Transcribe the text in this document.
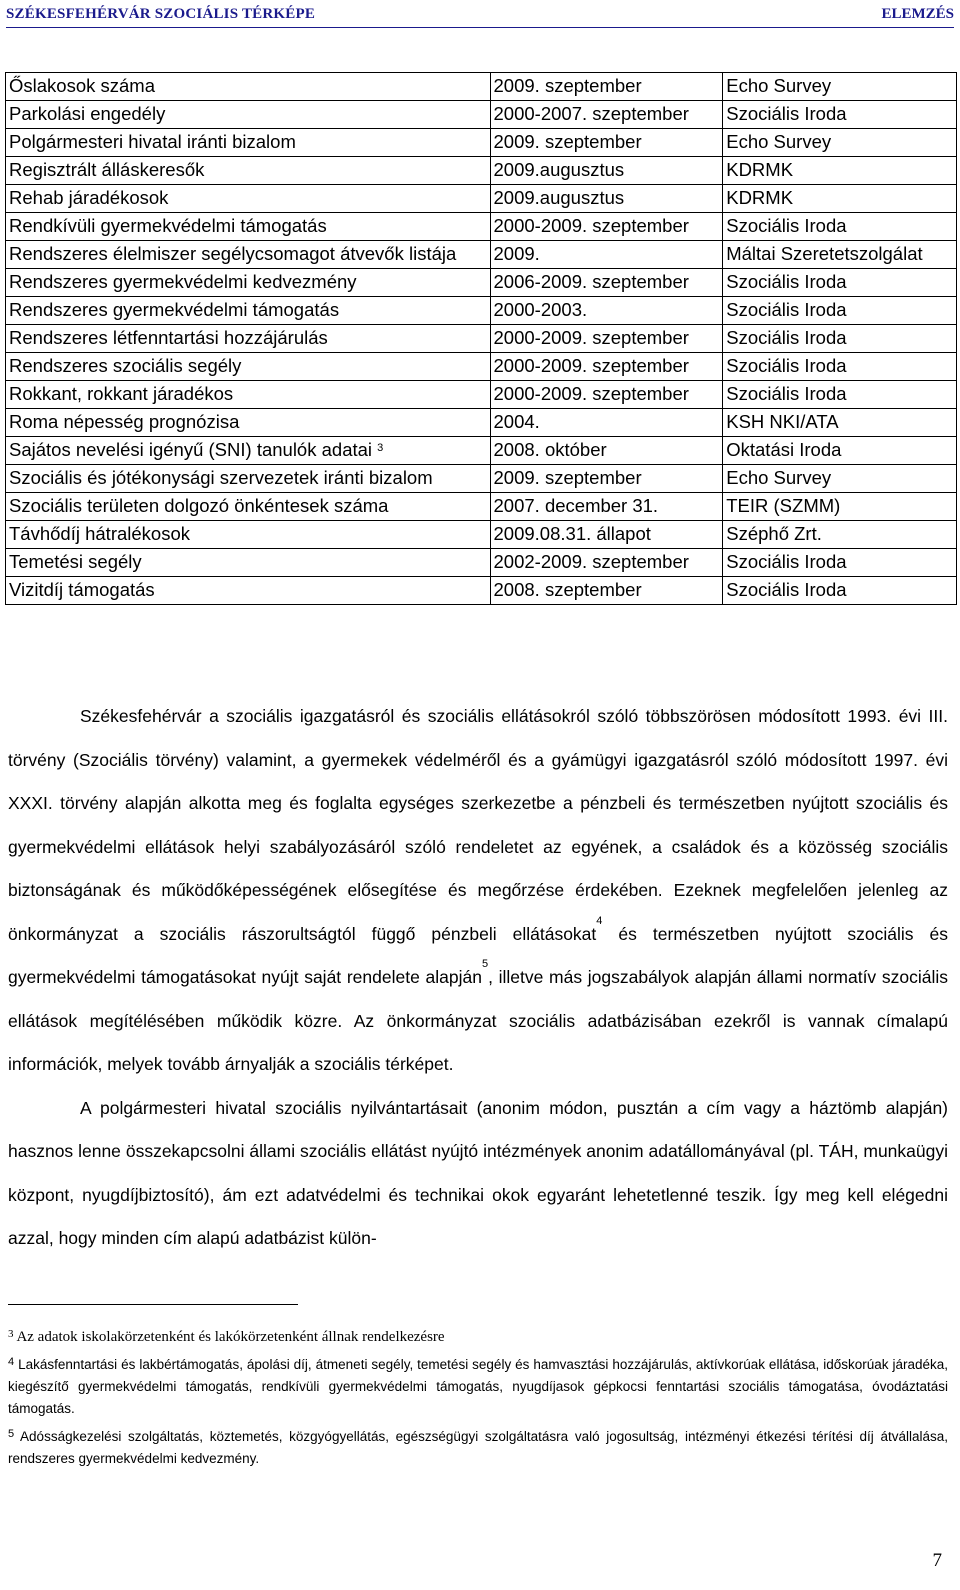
SZÉKESFEHÉRVÁR SZOCIÁLIS TÉRKÉPE	ELEMZÉS
Őslakosok száma	2009. szeptember	Echo Survey
Parkolási engedély	2000-2007. szeptember	Szociális Iroda
Polgármesteri hivatal iránti bizalom	2009. szeptember	Echo Survey
Regisztrált álláskeresők	2009.augusztus	KDRMK
Rehab járadékosok	2009.augusztus	KDRMK
Rendkívüli gyermekvédelmi támogatás	2000-2009. szeptember	Szociális Iroda
Rendszeres élelmiszer segélycsomagot átvevők listája	2009.	Máltai Szeretetszolgálat
Rendszeres gyermekvédelmi kedvezmény	2006-2009. szeptember	Szociális Iroda
Rendszeres gyermekvédelmi támogatás	2000-2003.	Szociális Iroda
Rendszeres létfenntartási hozzájárulás	2000-2009. szeptember	Szociális Iroda
Rendszeres szociális segély	2000-2009. szeptember	Szociális Iroda
Rokkant, rokkant járadékos	2000-2009. szeptember	Szociális Iroda
Roma népesség prognózisa	2004.	KSH NKI/ATA
Sajátos nevelési igényű (SNI) tanulók adatai $^3$	2008. október	Oktatási Iroda
Szociális és jótékonysági szervezetek iránti bizalom	2009. szeptember	Echo Survey
Szociális területen dolgozó önkéntesek száma	2007. december 31.	TEIR (SZMM)
Távhődíj hátralékosok	2009.08.31. állapot	Széphő Zrt.
Temetési segély	2002-2009. szeptember	Szociális Iroda
Vizitdíj támogatás	2008. szeptember	Szociális Iroda

Székesfehérvár a szociális igazgatásról és szociális ellátásokról szóló többszörösen módosított 1993. évi III. törvény (Szociális törvény) valamint, a gyermekek védelméről és a gyámügyi igazgatásról szóló módosított 1997. évi XXXI. törvény alapján alkotta meg és foglalta egységes szerkezetbe a pénzbeli és természetben nyújtott szociális és gyermekvédelmi ellátások helyi szabályozásáról szóló rendeletet az egyének, a családok és a közösség szociális biztonságának és működőképességének elősegítése és megőrzése érdekében. Ezeknek megfelelően jelenleg az önkormányzat a szociális rászorultságtól függő pénzbeli ellátásokat$^4$ és természetben nyújtott szociális és gyermekvédelmi támogatásokat nyújt saját rendelete alapján$^5$, illetve más jogszabályok alapján állami normatív szociális ellátások megítélésében működik közre. Az önkormányzat szociális adatbázisában ezekről is vannak címalapú információk, melyek tovább árnyalják a szociális térképet.

A polgármesteri hivatal szociális nyilvántartásait (anonim módon, pusztán a cím vagy a háztömb alapján) hasznos lenne összekapcsolni állami szociális ellátást nyújtó intézmények anonim adatállományával (pl. TÁH, munkaügyi központ, nyugdíjbiztosító), ám ezt adatvédelmi és technikai okok egyaránt lehetetlenné teszik. Így meg kell elégedni azzal, hogy minden cím alapú adatbázist külön-

$^3$ Az adatok iskolakörzetenként és lakókörzetenként állnak rendelkezésre
$^4$ Lakásfenntartási és lakbértámogatás, ápolási díj, átmeneti segély, temetési segély és hamvasztási hozzájárulás, aktívkorúak ellátása, időskorúak járadéka, kiegészítő gyermekvédelmi támogatás, rendkívüli gyermekvédelmi támogatás, nyugdíjasok gépkocsi fenntartási szociális támogatása, óvodáztatási támogatás.
$^5$ Adósságkezelési szolgáltatás, köztemetés, közgyógyellátás, egészségügyi szolgáltatásra való jogosultság, intézményi étkezési térítési díj átvállalása, rendszeres gyermekvédelmi kedvezmény.
7
